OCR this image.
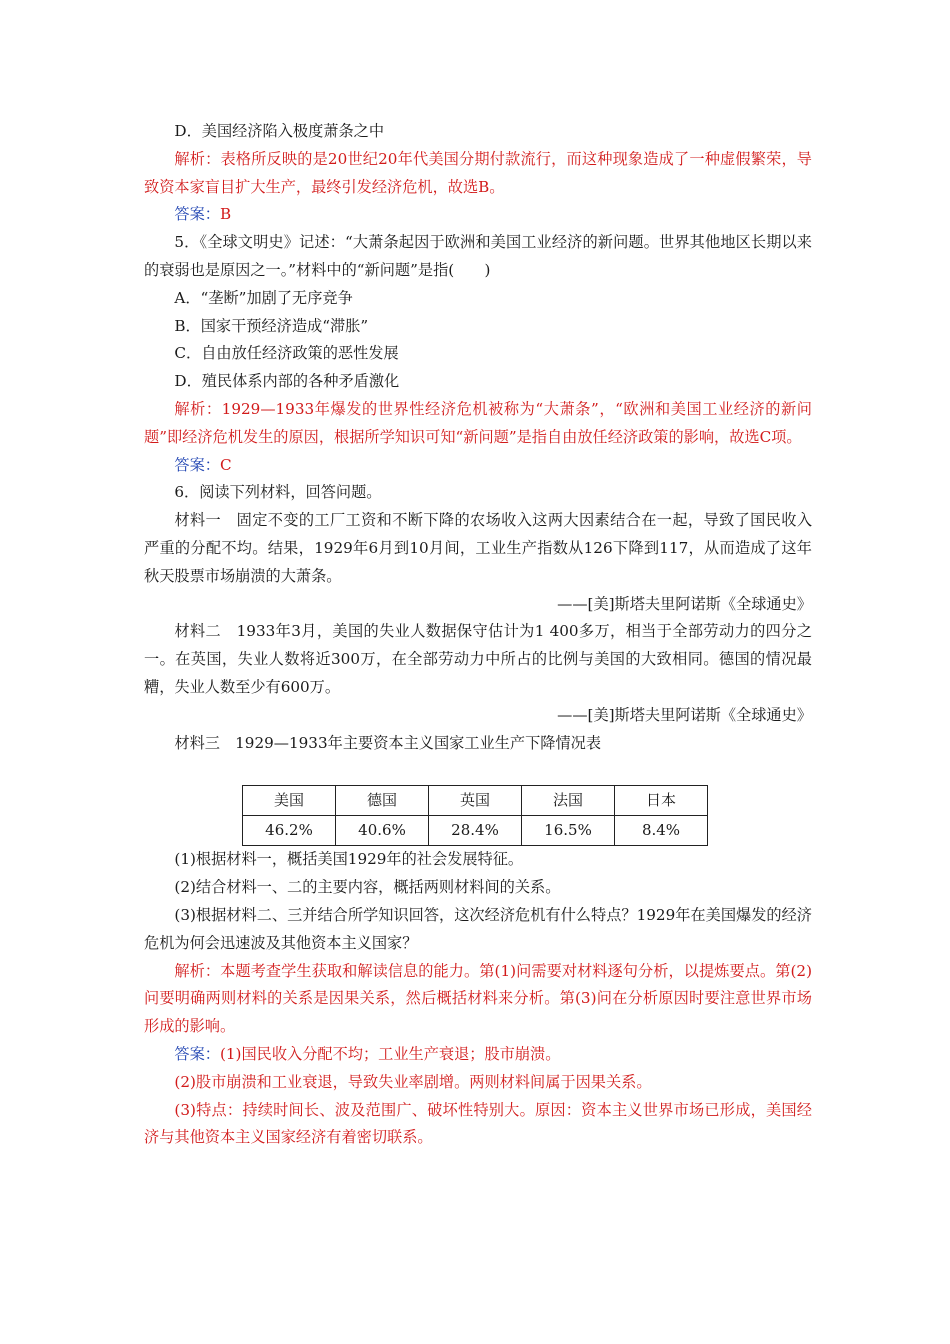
D．美国经济陷入极度萧条之中

解析：表格所反映的是20世纪20年代美国分期付款流行，而这种现象造成了一种虚假繁荣，导致资本家盲目扩大生产，最终引发经济危机，故选B。

答案：B

5．《全球文明史》记述：“大萧条起因于欧洲和美国工业经济的新问题。世界其他地区长期以来的衰弱也是原因之一。”材料中的“新问题”是指(　　)

A．“垄断”加剧了无序竞争

B．国家干预经济造成“滞胀”

C．自由放任经济政策的恶性发展

D．殖民体系内部的各种矛盾激化

解析：1929—1933年爆发的世界性经济危机被称为“大萧条”，“欧洲和美国工业经济的新问题”即经济危机发生的原因，根据所学知识可知“新问题”是指自由放任经济政策的影响，故选C项。

答案：C

6．阅读下列材料，回答问题。

材料一　固定不变的工厂工资和不断下降的农场收入这两大因素结合在一起，导致了国民收入严重的分配不均。结果，1929年6月到10月间，工业生产指数从126下降到117，从而造成了这年秋天股票市场崩溃的大萧条。

——[美]斯塔夫里阿诺斯《全球通史》

材料二　1933年3月，美国的失业人数据保守估计为1 400多万，相当于全部劳动力的四分之一。在英国，失业人数将近300万，在全部劳动力中所占的比例与美国的大致相同。德国的情况最糟，失业人数至少有600万。

——[美]斯塔夫里阿诺斯《全球通史》

材料三　1929—1933年主要资本主义国家工业生产下降情况表

美国	德国	英国	法国	日本
46.2%	40.6%	28.4%	16.5%	8.4%

(1)根据材料一，概括美国1929年的社会发展特征。

(2)结合材料一、二的主要内容，概括两则材料间的关系。

(3)根据材料二、三并结合所学知识回答，这次经济危机有什么特点？1929年在美国爆发的经济危机为何会迅速波及其他资本主义国家？

解析：本题考查学生获取和解读信息的能力。第(1)问需要对材料逐句分析，以提炼要点。第(2)问要明确两则材料的关系是因果关系，然后概括材料来分析。第(3)问在分析原因时要注意世界市场形成的影响。

答案：(1)国民收入分配不均；工业生产衰退；股市崩溃。

(2)股市崩溃和工业衰退，导致失业率剧增。两则材料间属于因果关系。

(3)特点：持续时间长、波及范围广、破坏性特别大。原因：资本主义世界市场已形成，美国经济与其他资本主义国家经济有着密切联系。
